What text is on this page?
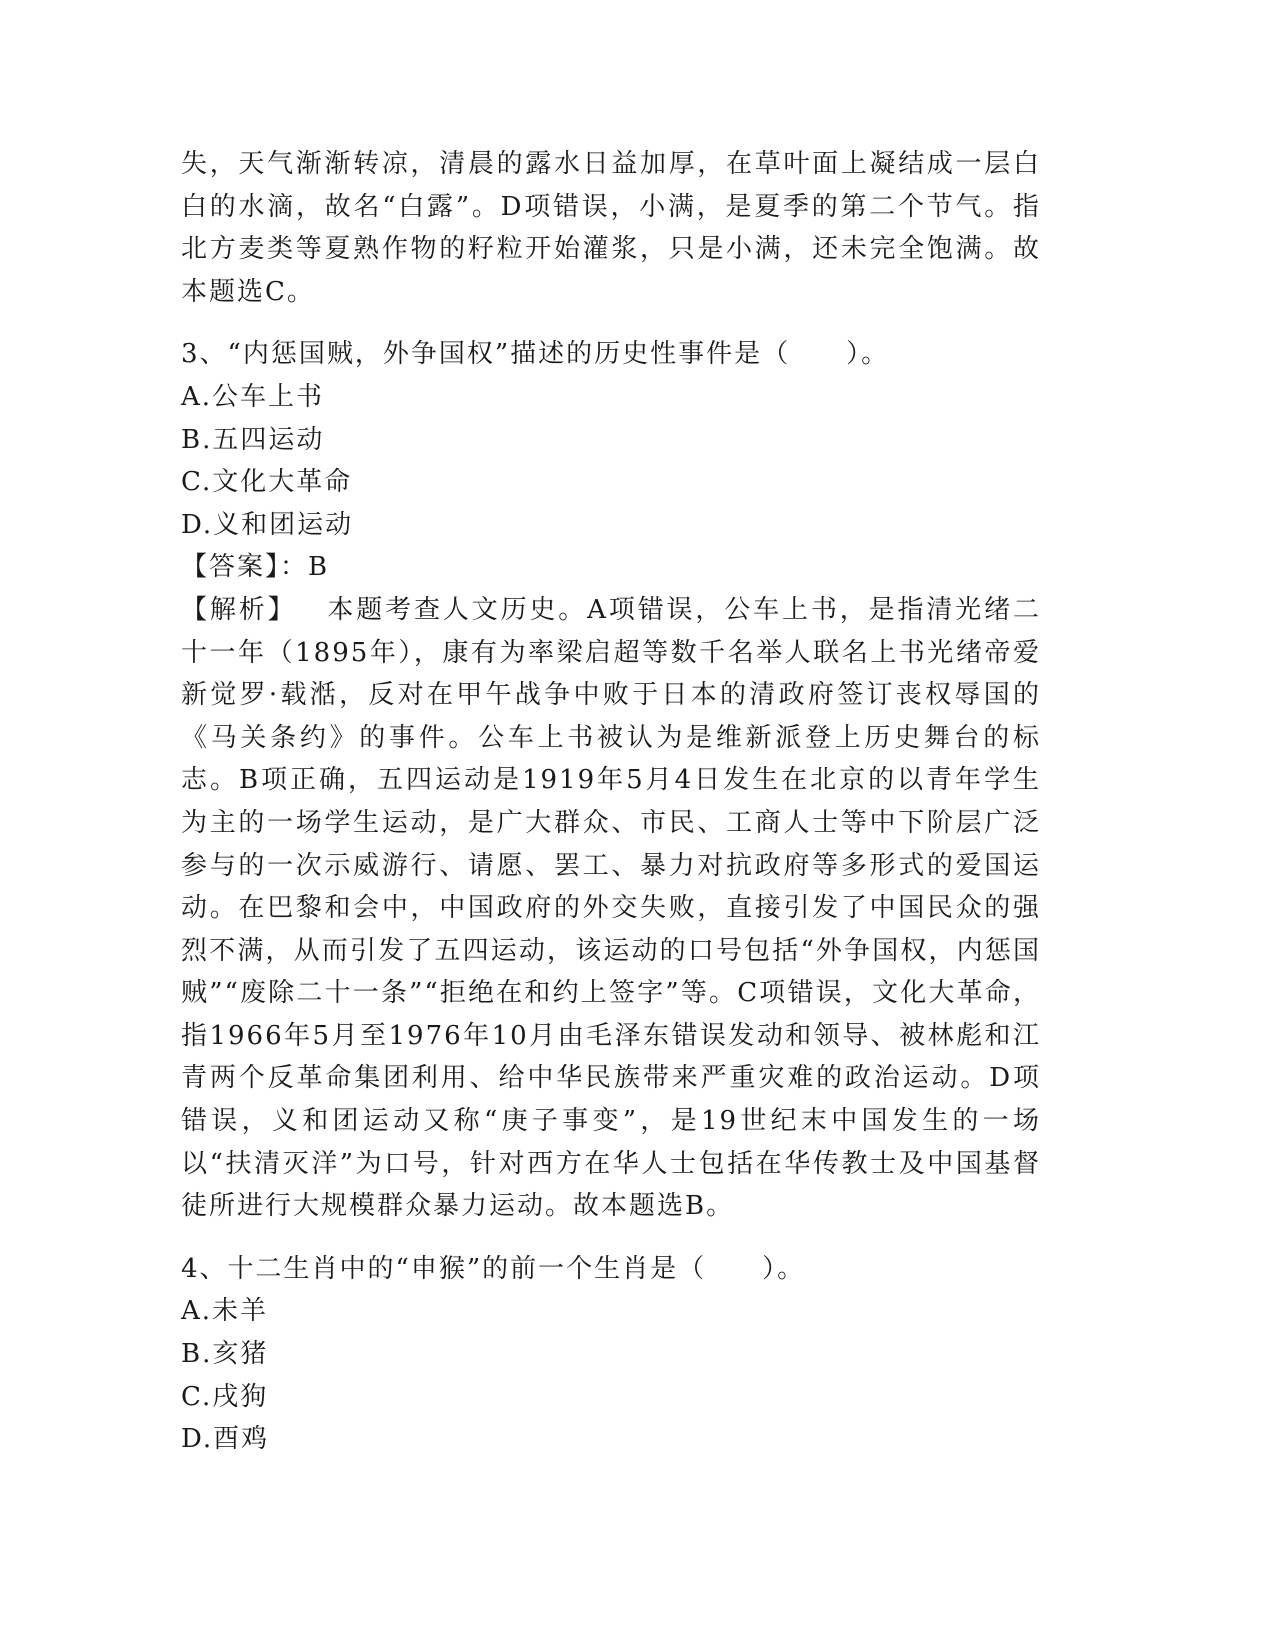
失，天气渐渐转凉，清晨的露水日益加厚，在草叶面上凝结成一层白白的水滴，故名“白露”。D项错误，小满，是夏季的第二个节气。指北方麦类等夏熟作物的籽粒开始灌浆，只是小满，还未完全饱满。故本题选C。

3、“内惩国贼，外争国权”描述的历史性事件是（　　）。

A.公车上书

B.五四运动

C.文化大革命

D.义和团运动

【答案】：B

【解析】 本题考查人文历史。A项错误，公车上书，是指清光绪二十一年（1895年），康有为率梁启超等数千名举人联名上书光绪帝爱新觉罗·载湉，反对在甲午战争中败于日本的清政府签订丧权辱国的《马关条约》的事件。公车上书被认为是维新派登上历史舞台的标志。B项正确，五四运动是1919年5月4日发生在北京的以青年学生为主的一场学生运动，是广大群众、市民、工商人士等中下阶层广泛参与的一次示威游行、请愿、罢工、暴力对抗政府等多形式的爱国运动。在巴黎和会中，中国政府的外交失败，直接引发了中国民众的强烈不满，从而引发了五四运动，该运动的口号包括“外争国权，内惩国贼”“废除二十一条”“拒绝在和约上签字”等。C项错误，文化大革命，指1966年5月至1976年10月由毛泽东错误发动和领导、被林彪和江青两个反革命集团利用、给中华民族带来严重灾难的政治运动。D项错误，义和团运动又称“庚子事变”，是19世纪末中国发生的一场以“扶清灭洋”为口号，针对西方在华人士包括在华传教士及中国基督徒所进行大规模群众暴力运动。故本题选B。

4、十二生肖中的“申猴”的前一个生肖是（　　）。

A.未羊

B.亥猪

C.戌狗

D.酉鸡
